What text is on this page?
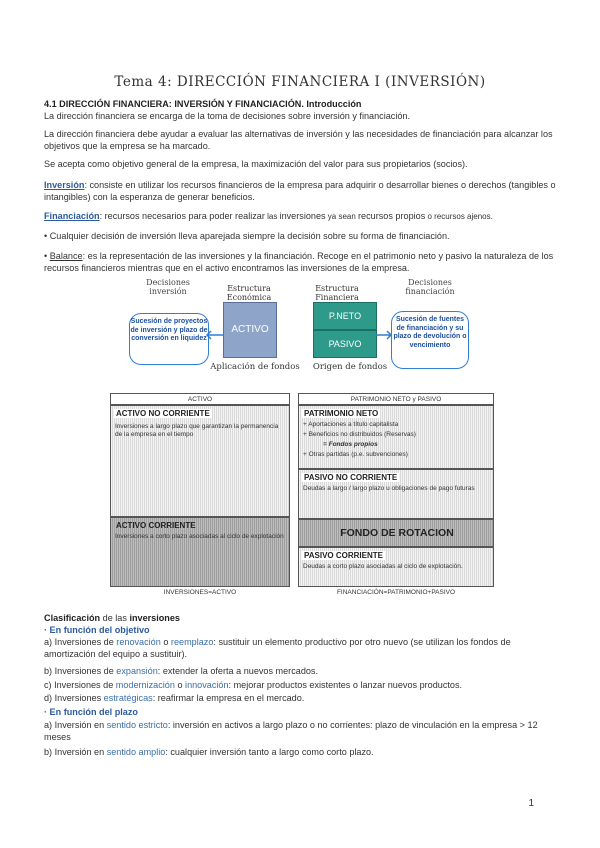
Tema 4: DIRECCIÓN FINANCIERA I (INVERSIÓN)
4.1 DIRECCIÓN FINANCIERA: INVERSIÓN Y FINANCIACIÓN. Introducción
La dirección financiera se encarga de la toma de decisiones sobre inversión y financiación.
La dirección financiera debe ayudar a evaluar las alternativas de inversión y las necesidades de financiación para alcanzar los objetivos que la empresa se ha marcado.
Se acepta como objetivo general de la empresa, la maximización del valor para sus propietarios (socios).
Inversión: consiste en utilizar los recursos financieros de la empresa para adquirir o desarrollar bienes o derechos (tangibles o intangibles) con la esperanza de generar beneficios.
Financiación: recursos necesarios para poder realizar las inversiones ya sean recursos propios o recursos ajenos.
• Cualquier decisión de inversión lleva aparejada siempre la decisión sobre su forma de financiación.
• Balance: es la representación de las inversiones y la financiación. Recoge en el patrimonio neto y pasivo la naturaleza de los recursos financieros mientras que en el activo encontramos las inversiones de la empresa.
Decisiones inversión	Estructura Económica
Estructura Financiera
Decisiones financiación
Sucesión de proyectos de inversión y plazo de conversión en liquidez
ACTIVO
P.NETO
PASIVO
Sucesión de fuentes de financiación y su plazo de devolución o vencimiento
Aplicación de fondos	Origen de fondos
ACTIVO	PATRIMONIO NETO y PASIVO
ACTIVO NO CORRIENTE
Inversiones a largo plazo que garantizan la permanencia de la empresa en el tiempo
ACTIVO CORRIENTE
Inversiones a corto plazo asociadas al ciclo de explotación
PATRIMONIO NETO
+ Aportaciones a título capitalista
+ Beneficios no distribuidos (Reservas)
= Fondos propios
+ Otras partidas (p.e. subvenciones)
PASIVO NO CORRIENTE
Deudas a largo / largo plazo u obligaciones de pago futuras
FONDO DE ROTACION
PASIVO CORRIENTE
Deudas a corto plazo asociadas al ciclo de explotación.
INVERSIONES=ACTIVO	FINANCIACIÓN=PATRIMONIO+PASIVO
Clasificación de las inversiones
· En función del objetivo
a) Inversiones de renovación o reemplazo: sustituir un elemento productivo por otro nuevo (se utilizan los fondos de amortización del equipo a sustituir).
b) Inversiones de expansión: extender la oferta a nuevos mercados.
c) Inversiones de modernización o innovación: mejorar productos existentes o lanzar nuevos productos.
d) Inversiones estratégicas: reafirmar la empresa en el mercado.
· En función del plazo
a) Inversión en sentido estricto: inversión en activos a largo plazo o no corrientes: plazo de vinculación en la empresa > 12 meses
b) Inversión en sentido amplio: cualquier inversión tanto a largo como corto plazo.
1
